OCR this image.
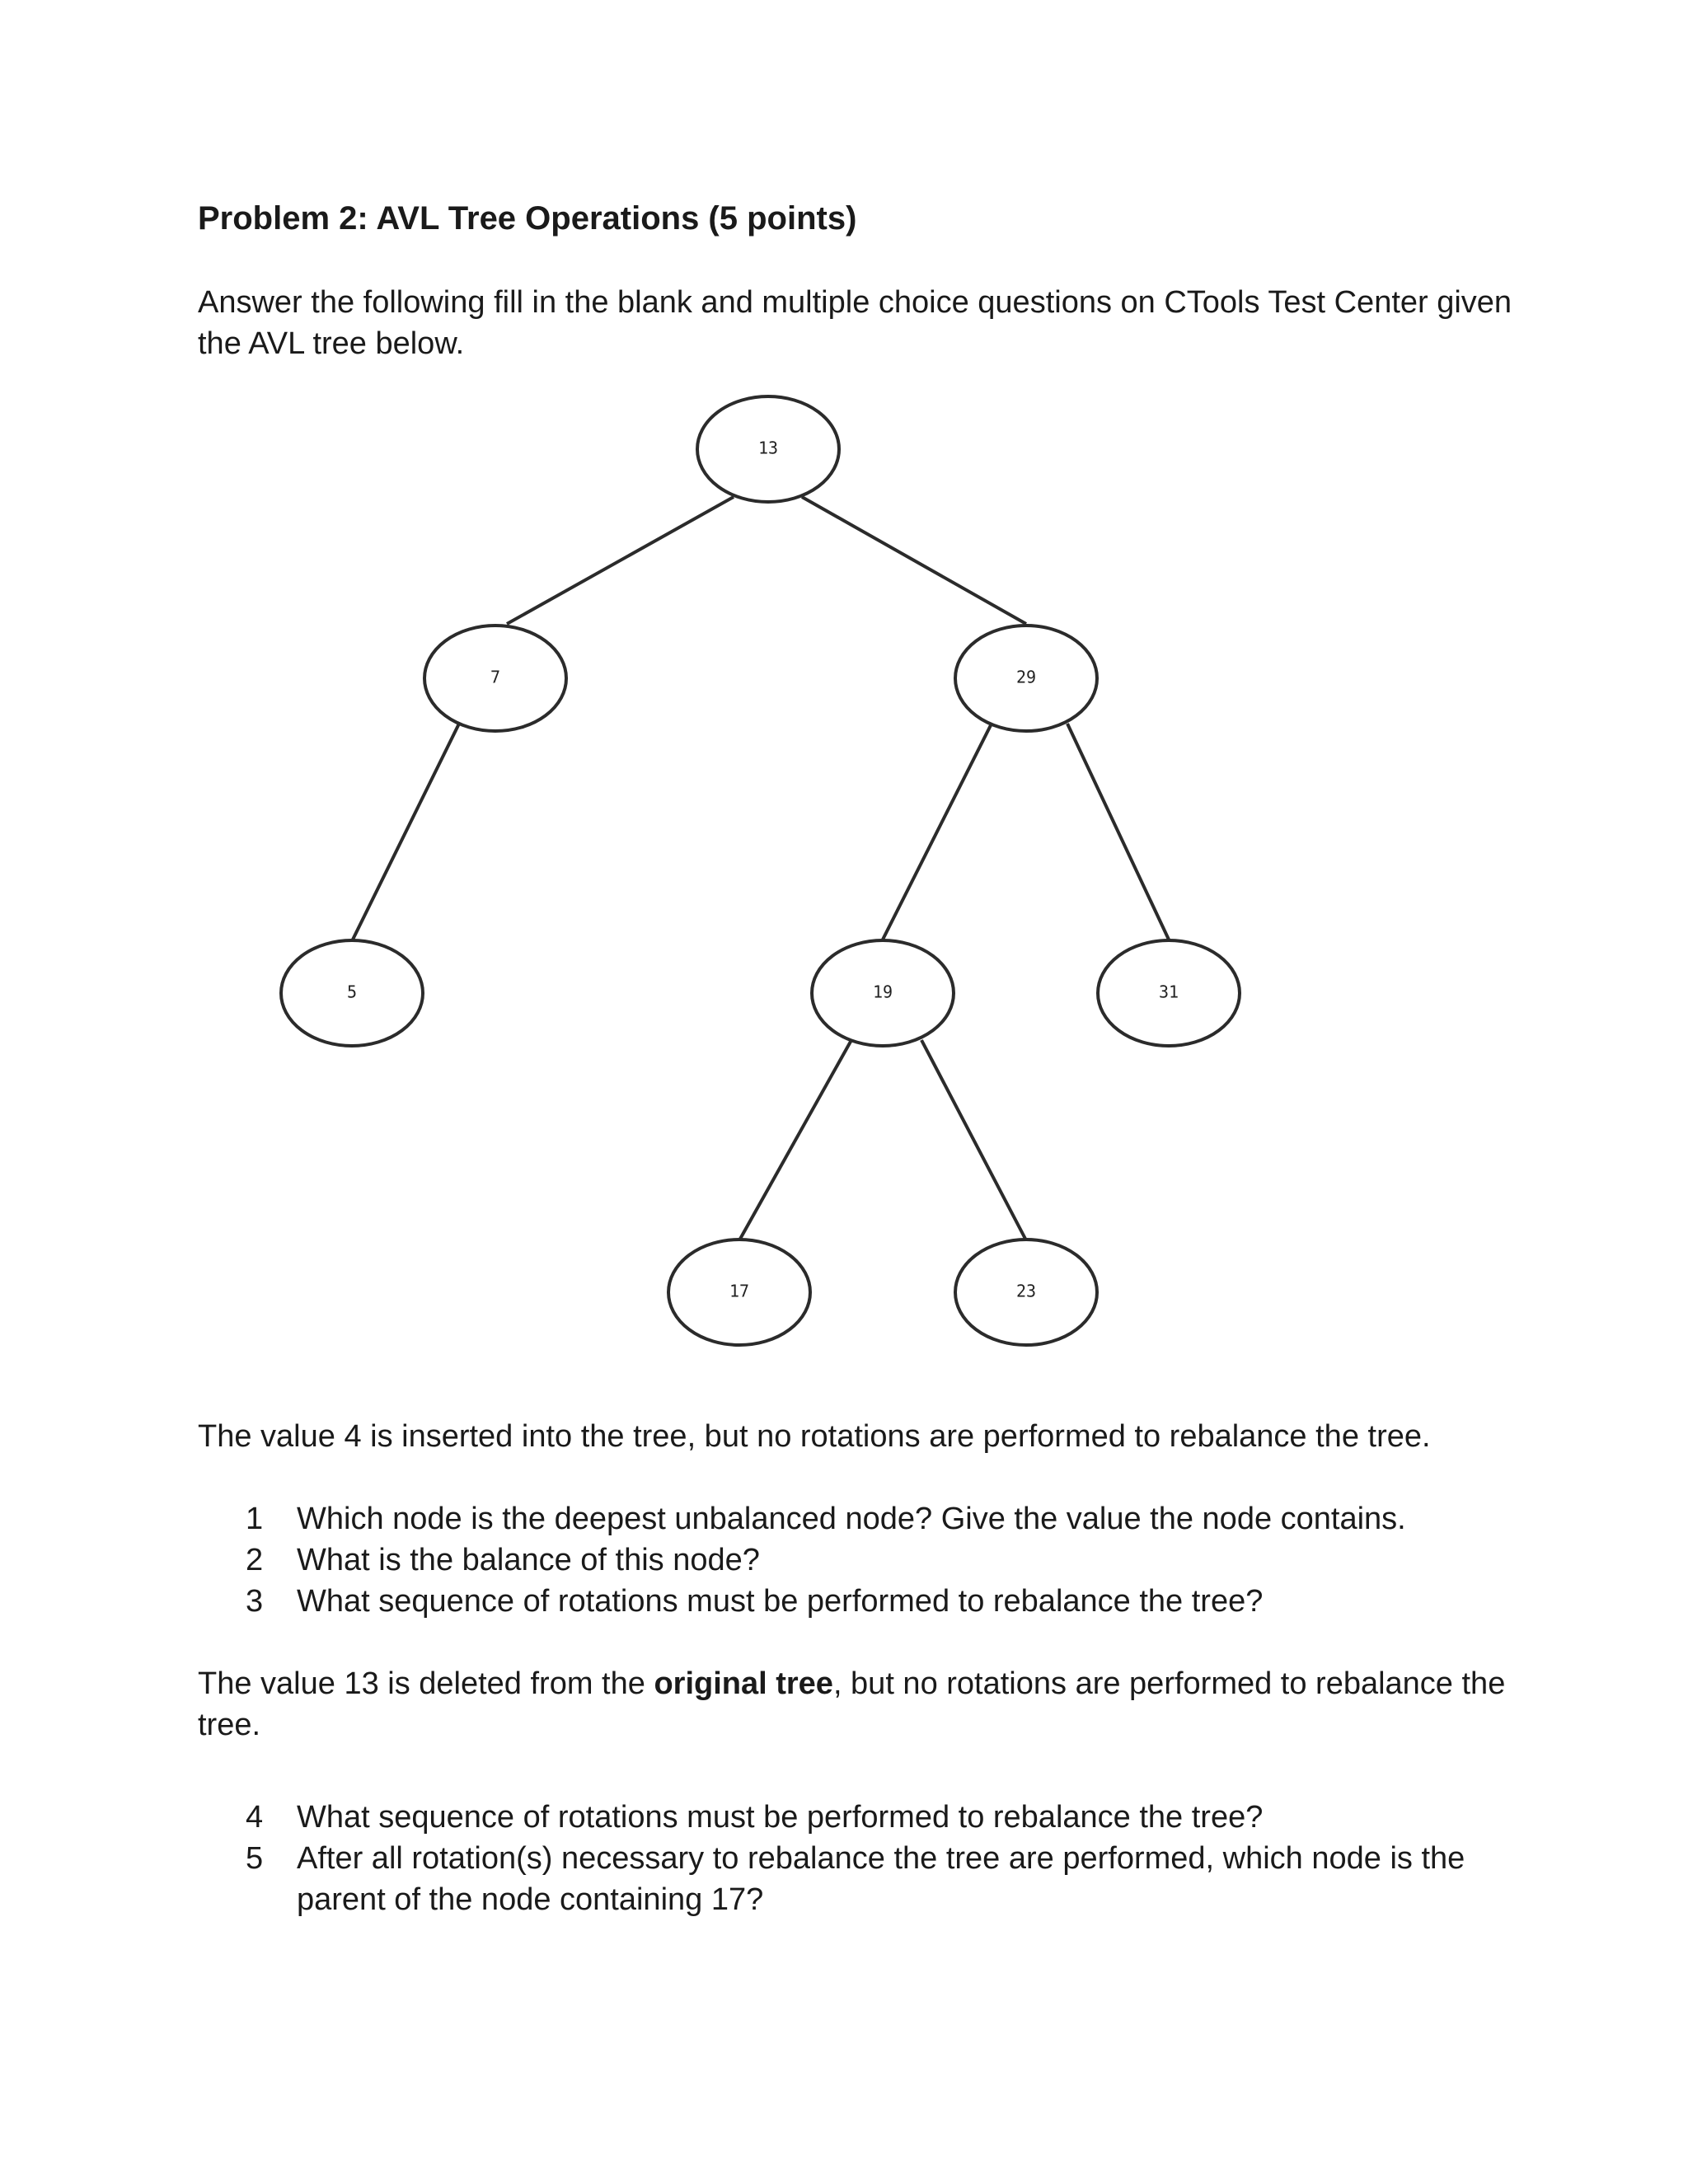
Problem 2: AVL Tree Operations (5 points)
Answer the following fill in the blank and multiple choice questions on CTools Test Center given the AVL tree below.
13
7	29
5	19	31
17	23
The value 4 is inserted into the tree, but no rotations are performed to rebalance the tree.
1 Which node is the deepest unbalanced node? Give the value the node contains.
2 What is the balance of this node?
3 What sequence of rotations must be performed to rebalance the tree?
The value 13 is deleted from the original tree, but no rotations are performed to rebalance the tree.
4 What sequence of rotations must be performed to rebalance the tree?
5 After all rotation(s) necessary to rebalance the tree are performed, which node is the parent of the node containing 17?
